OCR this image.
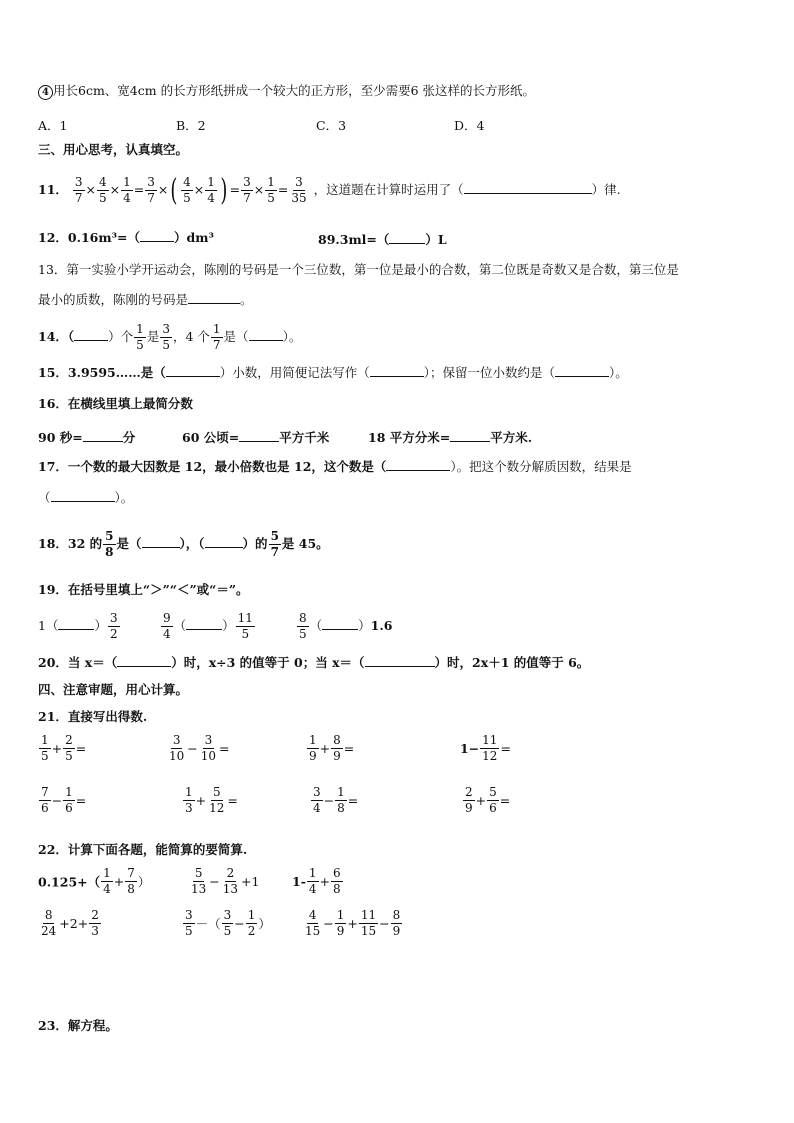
4 用长6cm、宽4cm 的长方形纸拼成一个较大的正方形，至少需要6 张这样的长方形纸。
A．1	B．2	C．3	D．4
三、用心思考，认真填空。
11． $\frac{3}{7} \times \frac{4}{5} \times \frac{1}{4} = \frac{3}{7}$ ×( $\frac{4}{5} \times \frac{1}{4}$ ) = $\frac{3}{7} \times \frac{1}{5} = \frac{3}{35}$ ，这道题在计算时运用了（	）律.
12．0.16m³=（	）dm³	89.3ml=（	）L
13．第一实验小学开运动会，陈刚的号码是一个三位数，第一位是最小的合数，第二位既是奇数又是合数，第三位是
最小的质数，陈刚的号码是	。
14．（	）个 $\frac{1}{5}$ 是 $\frac{3}{5}$ ，4 个 $\frac{1}{7}$ 是（	）。
15．3.9595……是（	）小数，用简便记法写作（	）；保留一位小数约是（	）。
16．在横线里填上最简分数
90 秒=	分	60 公顷=	平方千米	18 平方分米=	平方米.
17．一个数的最大因数是 12，最小倍数也是 12，这个数是（	）。把这个数分解质因数，结果是
（	）。
18．32 的 $\frac{5}{8}$ 是（	），（	）的 $\frac{5}{7}$ 是 45。
19．在括号里填上“＞”“＜”或“＝”。
1（	） $\frac{3}{2}$	$\frac{9}{4}$ （	） $\frac{11}{5}$	$\frac{8}{5}$ （	）1.6
20．当 x＝（	）时，x÷3 的值等于 0；当 x＝（	）时，2x＋1 的值等于 6。
四、注意审题，用心计算。
21．直接写出得数.
$\frac{1}{5} + \frac{2}{5}$ =	$\frac{3}{10} - \frac{3}{10}$ =	$\frac{1}{9} + \frac{8}{9}$ =	$1- \frac{11}{12}$ =
$\frac{7}{6} - \frac{1}{6}$ =	$\frac{1}{3} + \frac{5}{12}$ =	$\frac{3}{4} - \frac{1}{8}$ =	$\frac{2}{9} + \frac{5}{6}$ =
22．计算下面各题，能简算的要简算.
$0.125+( \frac{1}{4} + \frac{7}{8}$ ）	$\frac{5}{13} - \frac{2}{13} +1$	$1- \frac{1}{4} + \frac{6}{8}$
$\frac{8}{24} +2+ \frac{2}{3}$	$\frac{3}{5}$ －（ $\frac{3}{5} - \frac{1}{2}$ ）	$\frac{4}{15} - \frac{1}{9} + \frac{11}{15} - \frac{8}{9}$
23．解方程。
